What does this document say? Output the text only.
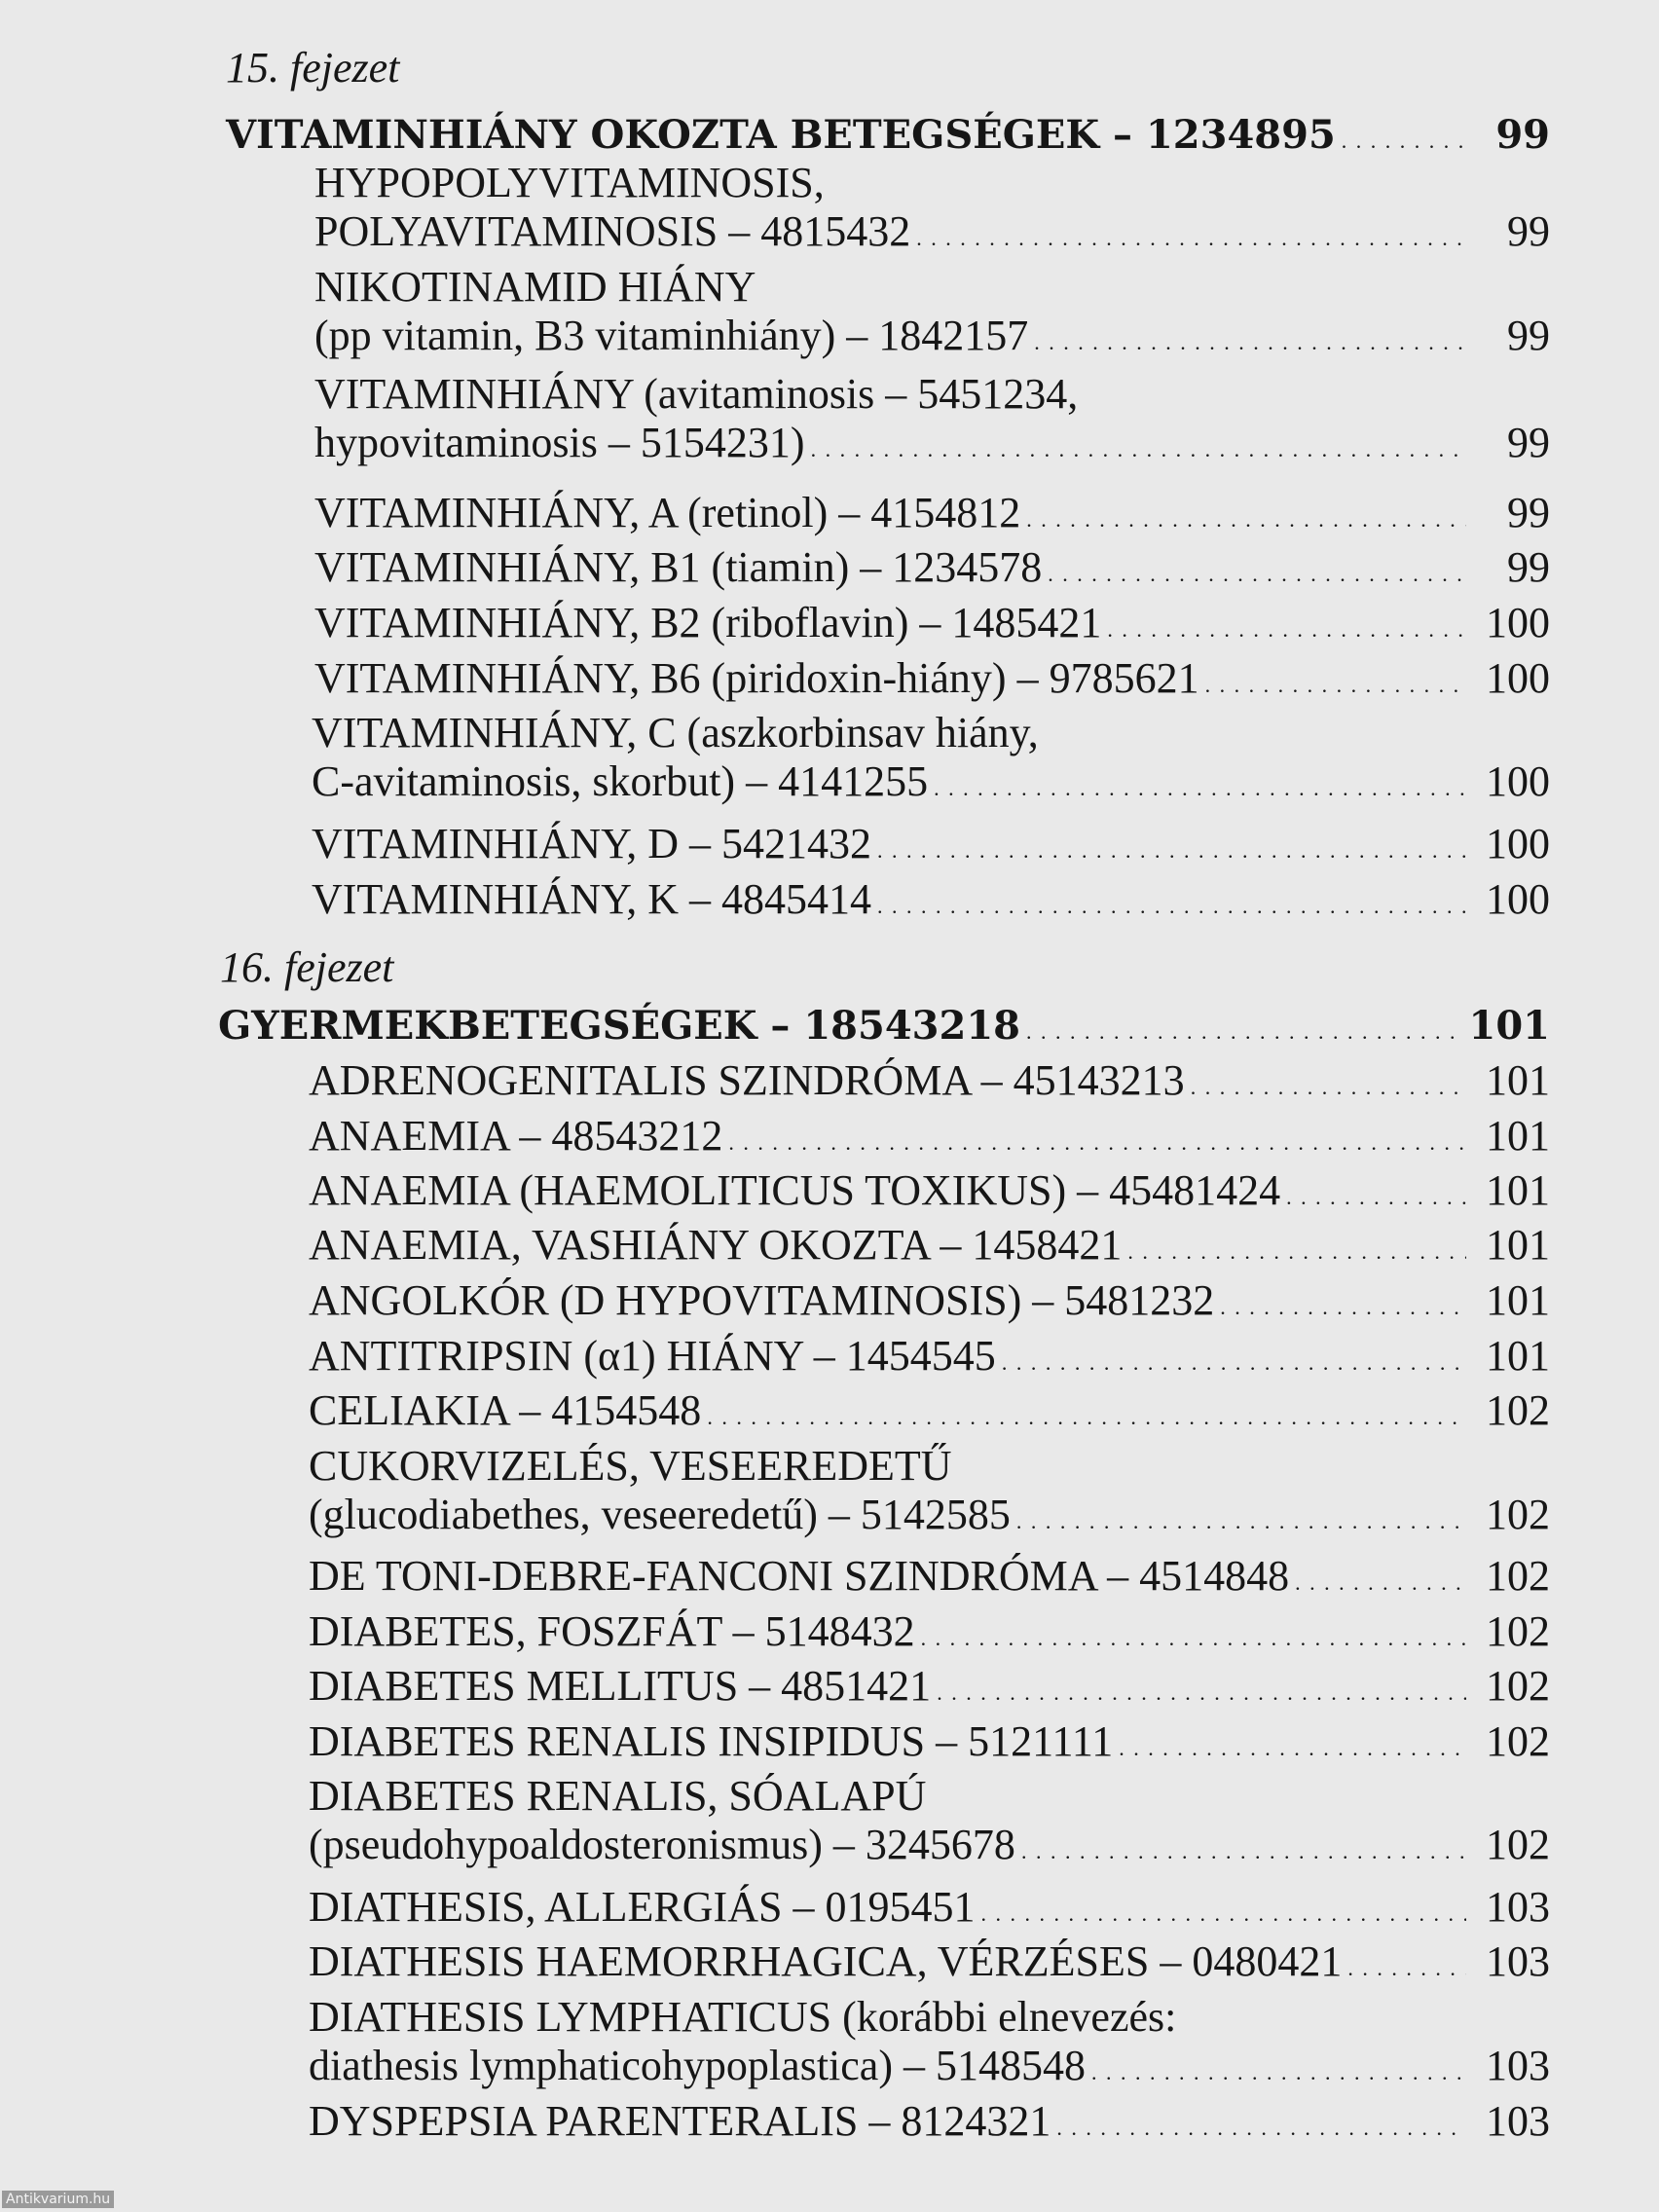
15. fejezet
VITAMINHIÁNY OKOZTA BETEGSÉGEK – 1234895 . . .	99
HYPOPOLYVITAMINOSIS,
POLYAVITAMINOSIS – 4815432 . . .	99
NIKOTINAMID HIÁNY
(pp vitamin, B3 vitaminhiány) – 1842157 . . .	99
VITAMINHIÁNY (avitaminosis – 5451234,
hypovitaminosis – 5154231) . . .	99
VITAMINHIÁNY, A (retinol) – 4154812 . . .	99
VITAMINHIÁNY, B1 (tiamin) – 1234578 . . .	99
VITAMINHIÁNY, B2 (riboflavin) – 1485421 . . .	100
VITAMINHIÁNY, B6 (piridoxin-hiány) – 9785621 . . .	100
VITAMINHIÁNY, C (aszkorbinsav hiány,
C-avitaminosis, skorbut) – 4141255 . . .	100
VITAMINHIÁNY, D – 5421432 . . .	100
VITAMINHIÁNY, K – 4845414 . . .	100
16. fejezet
GYERMEKBETEGSÉGEK – 18543218 . . .	101
ADRENOGENITALIS SZINDRÓMA – 45143213 . . .	101
ANAEMIA – 48543212 . . .	101
ANAEMIA (HAEMOLITICUS TOXIKUS) – 45481424 . . .	101
ANAEMIA, VASHIÁNY OKOZTA – 1458421 . . .	101
ANGOLKÓR (D HYPOVITAMINOSIS) – 5481232 . . .	101
ANTITRIPSIN (α1) HIÁNY – 1454545 . . .	101
CELIAKIA – 4154548 . . .	102
CUKORVIZELÉS, VESEEREDETŰ
(glucodiabethes, veseeredetű) – 5142585 . . .	102
DE TONI-DEBRE-FANCONI SZINDRÓMA – 4514848 . . .	102
DIABETES, FOSZFÁT – 5148432 . . .	102
DIABETES MELLITUS – 4851421 . . .	102
DIABETES RENALIS INSIPIDUS – 5121111 . . .	102
DIABETES RENALIS, SÓALAPÚ
(pseudohypoaldosteronismus) – 3245678 . . .	102
DIATHESIS, ALLERGIÁS – 0195451 . . .	103
DIATHESIS HAEMORRHAGICA, VÉRZÉSES – 0480421 . . .	103
DIATHESIS LYMPHATICUS (korábbi elnevezés:
diathesis lymphaticohypoplastica) – 5148548 . . .	103
DYSPEPSIA PARENTERALIS – 8124321 . . .	103
Antikvarium.hu
